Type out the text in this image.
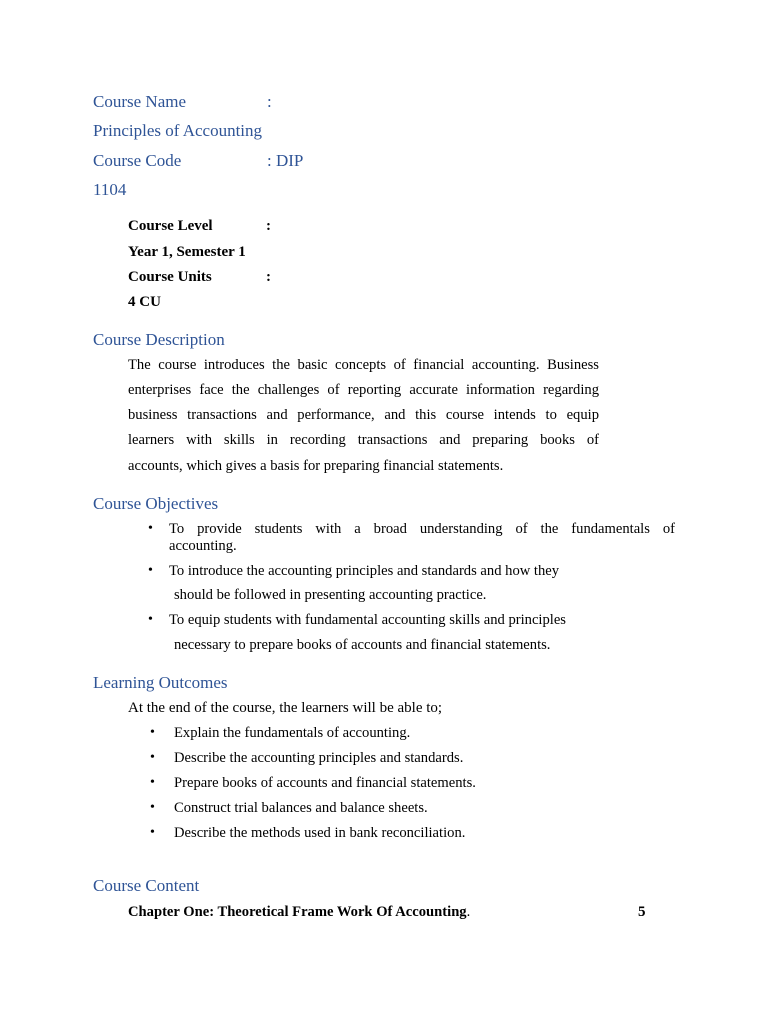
Course Name	:
Principles of Accounting
Course Code	: DIP
1104
Course Level	:
Year 1, Semester 1
Course Units	:
4 CU
Course Description
The course introduces the basic concepts of financial accounting. Business
enterprises face the challenges of reporting accurate information regarding
business transactions and performance, and this course intends to equip
learners with skills in recording transactions and preparing books of
accounts, which gives a basis for preparing financial statements.
Course Objectives
• To provide students with a broad understanding of the fundamentals of
accounting.
• To introduce the accounting principles and standards and how they
should be followed in presenting accounting practice.
• To equip students with fundamental accounting skills and principles
necessary to prepare books of accounts and financial statements.
Learning Outcomes
At the end of the course, the learners will be able to;
• Explain the fundamentals of accounting.
• Describe the accounting principles and standards.
• Prepare books of accounts and financial statements.
• Construct trial balances and balance sheets.
• Describe the methods used in bank reconciliation.
Course Content
Chapter One: Theoretical Frame Work Of Accounting.	5
